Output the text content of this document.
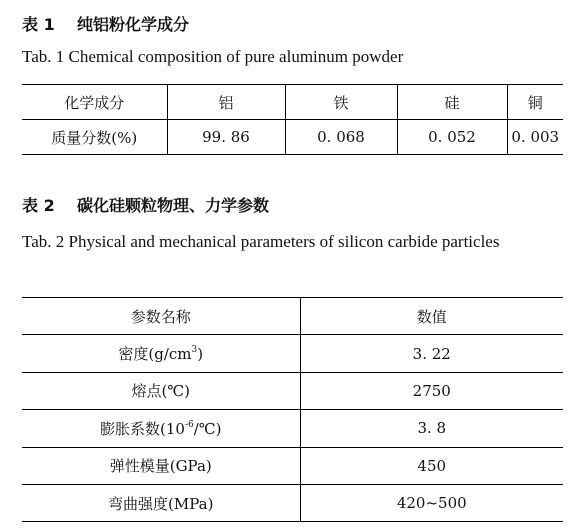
表 1    纯铝粉化学成分
Tab. 1 Chemical composition of pure aluminum powder
化学成分	铝	铁	硅	铜
质量分数(%)	99. 86	0. 068	0. 052	0. 003
表 2    碳化硅颗粒物理、力学参数
Tab. 2 Physical and mechanical parameters of silicon carbide particles
参数名称	数值
密度$(g/cm^3)$	3. 22
熔点(℃)	2750
膨胀系数$(10^{-6}/℃)$	3. 8
弹性模量(GPa)	450
弯曲强度(MPa)	420~500
